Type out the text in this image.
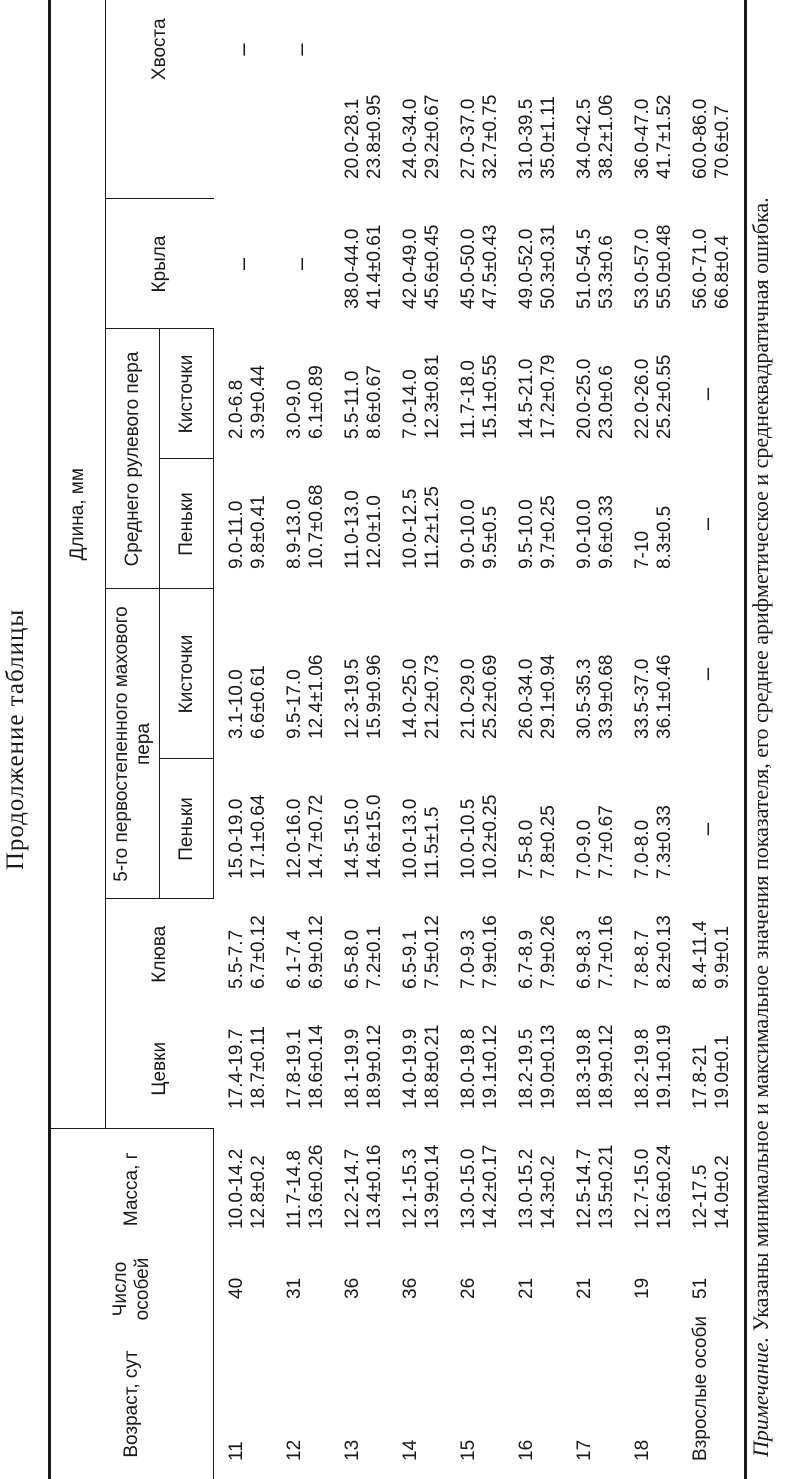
Продолжение таблицы
Возраст, сут	Число особей	Масса, г	Длина, мм							
			Цевки	Клюва	5-го первостепенного махового пера		Среднего рулевого пера		Крыла	Хвоста
					Пеньки	Кисточки	Пеньки	Кисточки		
11	40	10.0-14.2 12.8±0.2	17.4-19.7 18.7±0.11	5.5-7.7 6.7±0.12	15.0-19.0 17.1±0.64	3.1-10.0 6.6±0.61	9.0-11.0 9.8±0.41	2.0-6.8 3.9±0.44	–	–
12	31	11.7-14.8 13.6±0.26	17.8-19.1 18.6±0.14	6.1-7.4 6.9±0.12	12.0-16.0 14.7±0.72	9.5-17.0 12.4±1.06	8.9-13.0 10.7±0.68	3.0-9.0 6.1±0.89	–	–
13	36	12.2-14.7 13.4±0.16	18.1-19.9 18.9±0.12	6.5-8.0 7.2±0.1	14.5-15.0 14.6±15.0	12.3-19.5 15.9±0.96	11.0-13.0 12.0±1.0	5.5-11.0 8.6±0.67	38.0-44.0 41.4±0.61	20.0-28.1 23.8±0.95

14	36	12.1-15.3 13.9±0.14	14.0-19.9 18.8±0.21	6.5-9.1 7.5±0.12	10.0-13.0 11.5±1.5	14.0-25.0 21.2±0.73	10.0-12.5 11.2±1.25	7.0-14.0 12.3±0.81	42.0-49.0 45.6±0.45	24.0-34.0 29.2±0.67

15	26	13.0-15.0 14.2±0.17	18.0-19.8 19.1±0.12	7.0-9.3 7.9±0.16	10.0-10.5 10.2±0.25	21.0-29.0 25.2±0.69	9.0-10.0 9.5±0.5	11.7-18.0 15.1±0.55	45.0-50.0 47.5±0.43	27.0-37.0 32.7±0.75

16	21	13.0-15.2 14.3±0.2	18.2-19.5 19.0±0.13	6.7-8.9 7.9±0.26	7.5-8.0 7.8±0.25	26.0-34.0 29.1±0.94	9.5-10.0 9.7±0.25	14.5-21.0 17.2±0.79	49.0-52.0 50.3±0.31	31.0-39.5 35.0±1.11

17	21	12.5-14.7 13.5±0.21	18.3-19.8 18.9±0.12	6.9-8.3 7.7±0.16	7.0-9.0 7.7±0.67	30.5-35.3 33.9±0.68	9.0-10.0 9.6±0.33	20.0-25.0 23.0±0.6	51.0-54.5 53.3±0.6	34.0-42.5 38.2±1.06

18	19	12.7-15.0 13.6±0.24	18.2-19.8 19.1±0.19	7.8-8.7 8.2±0.13	7.0-8.0 7.3±0.33	33.5-37.0 36.1±0.46	7-10 8.3±0.5	22.0-26.0 25.2±0.55	53.0-57.0 55.0±0.48	36.0-47.0 41.7±1.52

Взрослые особи	51	12-17.5 14.0±0.2	17.8-21 19.0±0.1	8.4-11.4 9.9±0.1	–	–	–	–	56.0-71.0 66.8±0.4	60.0-86.0 70.6±0.7
Примечание. Указаны минимальное и максимальное значения показателя, его среднее арифметическое и среднеквадратичная ошибка.
